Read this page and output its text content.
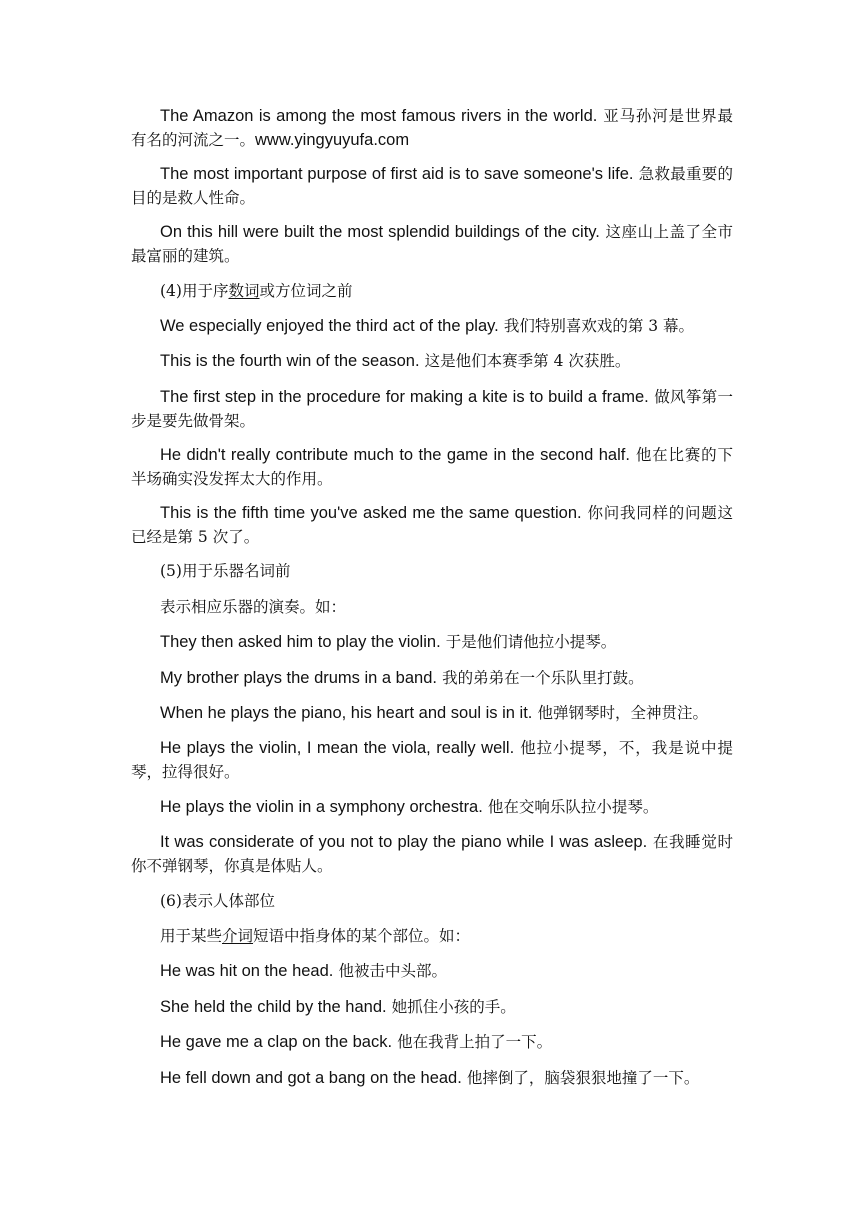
The Amazon is among the most famous rivers in the world. 亚马孙河是世界最有名的河流之一。www.yingyuyufa.com

The most important purpose of first aid is to save someone's life. 急救最重要的目的是救人性命。

On this hill were built the most splendid buildings of the city. 这座山上盖了全市最富丽的建筑。

(4)用于序数词或方位词之前

We especially enjoyed the third act of the play. 我们特别喜欢戏的第 3 幕。

This is the fourth win of the season. 这是他们本赛季第 4 次获胜。

The first step in the procedure for making a kite is to build a frame. 做风筝第一步是要先做骨架。

He didn't really contribute much to the game in the second half. 他在比赛的下半场确实没发挥太大的作用。

This is the fifth time you've asked me the same question. 你问我同样的问题这已经是第 5 次了。

(5)用于乐器名词前

表示相应乐器的演奏。如：

They then asked him to play the violin. 于是他们请他拉小提琴。

My brother plays the drums in a band. 我的弟弟在一个乐队里打鼓。

When he plays the piano, his heart and soul is in it. 他弹钢琴时，全神贯注。

He plays the violin, I mean the viola, really well. 他拉小提琴，不，我是说中提琴，拉得很好。

He plays the violin in a symphony orchestra. 他在交响乐队拉小提琴。

It was considerate of you not to play the piano while I was asleep. 在我睡觉时你不弹钢琴，你真是体贴人。

(6)表示人体部位

用于某些介词短语中指身体的某个部位。如：

He was hit on the head. 他被击中头部。

She held the child by the hand. 她抓住小孩的手。

He gave me a clap on the back. 他在我背上拍了一下。

He fell down and got a bang on the head. 他摔倒了，脑袋狠狠地撞了一下。
